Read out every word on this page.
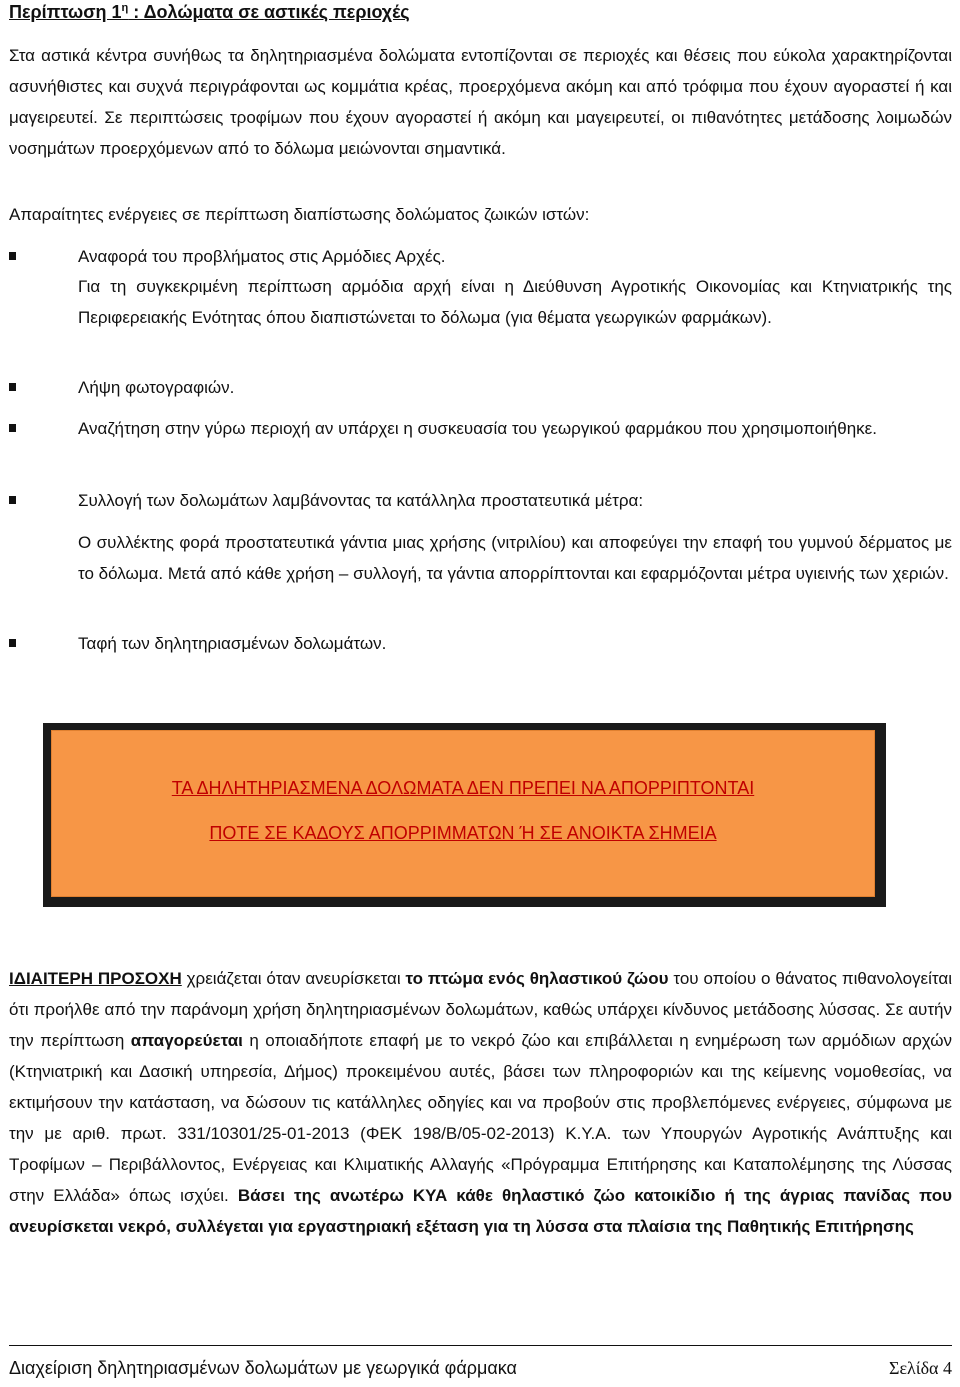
Περίπτωση $1^\eta$ : Δολώματα σε αστικές περιοχές
Στα αστικά κέντρα συνήθως τα δηλητηριασμένα δολώματα εντοπίζονται σε περιοχές και θέσεις που εύκολα χαρακτηρίζονται ασυνήθιστες και συχνά περιγράφονται ως κομμάτια κρέας, προερχόμενα ακόμη και από τρόφιμα που έχουν αγοραστεί ή και μαγειρευτεί. Σε περιπτώσεις τροφίμων που έχουν αγοραστεί ή ακόμη και μαγειρευτεί, οι πιθανότητες μετάδοσης λοιμωδών νοσημάτων προερχόμενων από το δόλωμα μειώνονται σημαντικά.
Απαραίτητες ενέργειες σε περίπτωση διαπίστωσης δολώματος ζωικών ιστών:
Αναφορά του προβλήματος στις Αρμόδιες Αρχές.
Για τη συγκεκριμένη περίπτωση αρμόδια αρχή είναι η Διεύθυνση Αγροτικής Οικονομίας και Κτηνιατρικής της Περιφερειακής Ενότητας όπου διαπιστώνεται το δόλωμα (για θέματα γεωργικών φαρμάκων).
Λήψη φωτογραφιών.
Αναζήτηση στην γύρω περιοχή αν υπάρχει η συσκευασία του γεωργικού φαρμάκου που χρησιμοποιήθηκε.
Συλλογή των δολωμάτων λαμβάνοντας τα κατάλληλα προστατευτικά μέτρα:
Ο συλλέκτης φορά προστατευτικά γάντια μιας χρήσης (νιτριλίου) και αποφεύγει την επαφή του γυμνού δέρματος με το δόλωμα. Μετά από κάθε χρήση – συλλογή, τα γάντια απορρίπτονται και εφαρμόζονται μέτρα υγιεινής των χεριών.
Ταφή των δηλητηριασμένων δολωμάτων.
ΤΑ ΔΗΛΗΤΗΡΙΑΣΜΕΝΑ ΔΟΛΩΜΑΤΑ ΔΕΝ ΠΡΕΠΕΙ ΝΑ ΑΠΟΡΡΙΠΤΟΝΤΑΙ
ΠΟΤΕ ΣΕ ΚΑΔΟΥΣ ΑΠΟΡΡΙΜΜΑΤΩΝ Ή ΣΕ ΑΝΟΙΚΤΑ ΣΗΜΕΙΑ
ΙΔΙΑΙΤΕΡΗ ΠΡΟΣΟΧΗ χρειάζεται όταν ανευρίσκεται το πτώμα ενός θηλαστικού ζώου του οποίου ο θάνατος πιθανολογείται ότι προήλθε από την παράνομη χρήση δηλητηριασμένων δολωμάτων, καθώς υπάρχει κίνδυνος μετάδοσης λύσσας. Σε αυτήν την περίπτωση απαγορεύεται η οποιαδήποτε επαφή με το νεκρό ζώο και επιβάλλεται η ενημέρωση των αρμόδιων αρχών (Κτηνιατρική και Δασική υπηρεσία, Δήμος) προκειμένου αυτές, βάσει των πληροφοριών και της κείμενης νομοθεσίας, να εκτιμήσουν την κατάσταση, να δώσουν τις κατάλληλες οδηγίες και να προβούν στις προβλεπόμενες ενέργειες, σύμφωνα με την με αριθ. πρωτ. 331/10301/25-01-2013 (ΦΕΚ 198/Β/05-02-2013) Κ.Υ.Α. των Υπουργών Αγροτικής Ανάπτυξης και Τροφίμων – Περιβάλλοντος, Ενέργειας και Κλιματικής Αλλαγής «Πρόγραμμα Επιτήρησης και Καταπολέμησης της Λύσσας στην Ελλάδα» όπως ισχύει. Βάσει της ανωτέρω ΚΥΑ κάθε θηλαστικό ζώο κατοικίδιο ή της άγριας πανίδας που ανευρίσκεται νεκρό, συλλέγεται για εργαστηριακή εξέταση για τη λύσσα στα πλαίσια της Παθητικής Επιτήρησης
Διαχείριση δηλητηριασμένων δολωμάτων με γεωργικά φάρμακα	Σελίδα 4
